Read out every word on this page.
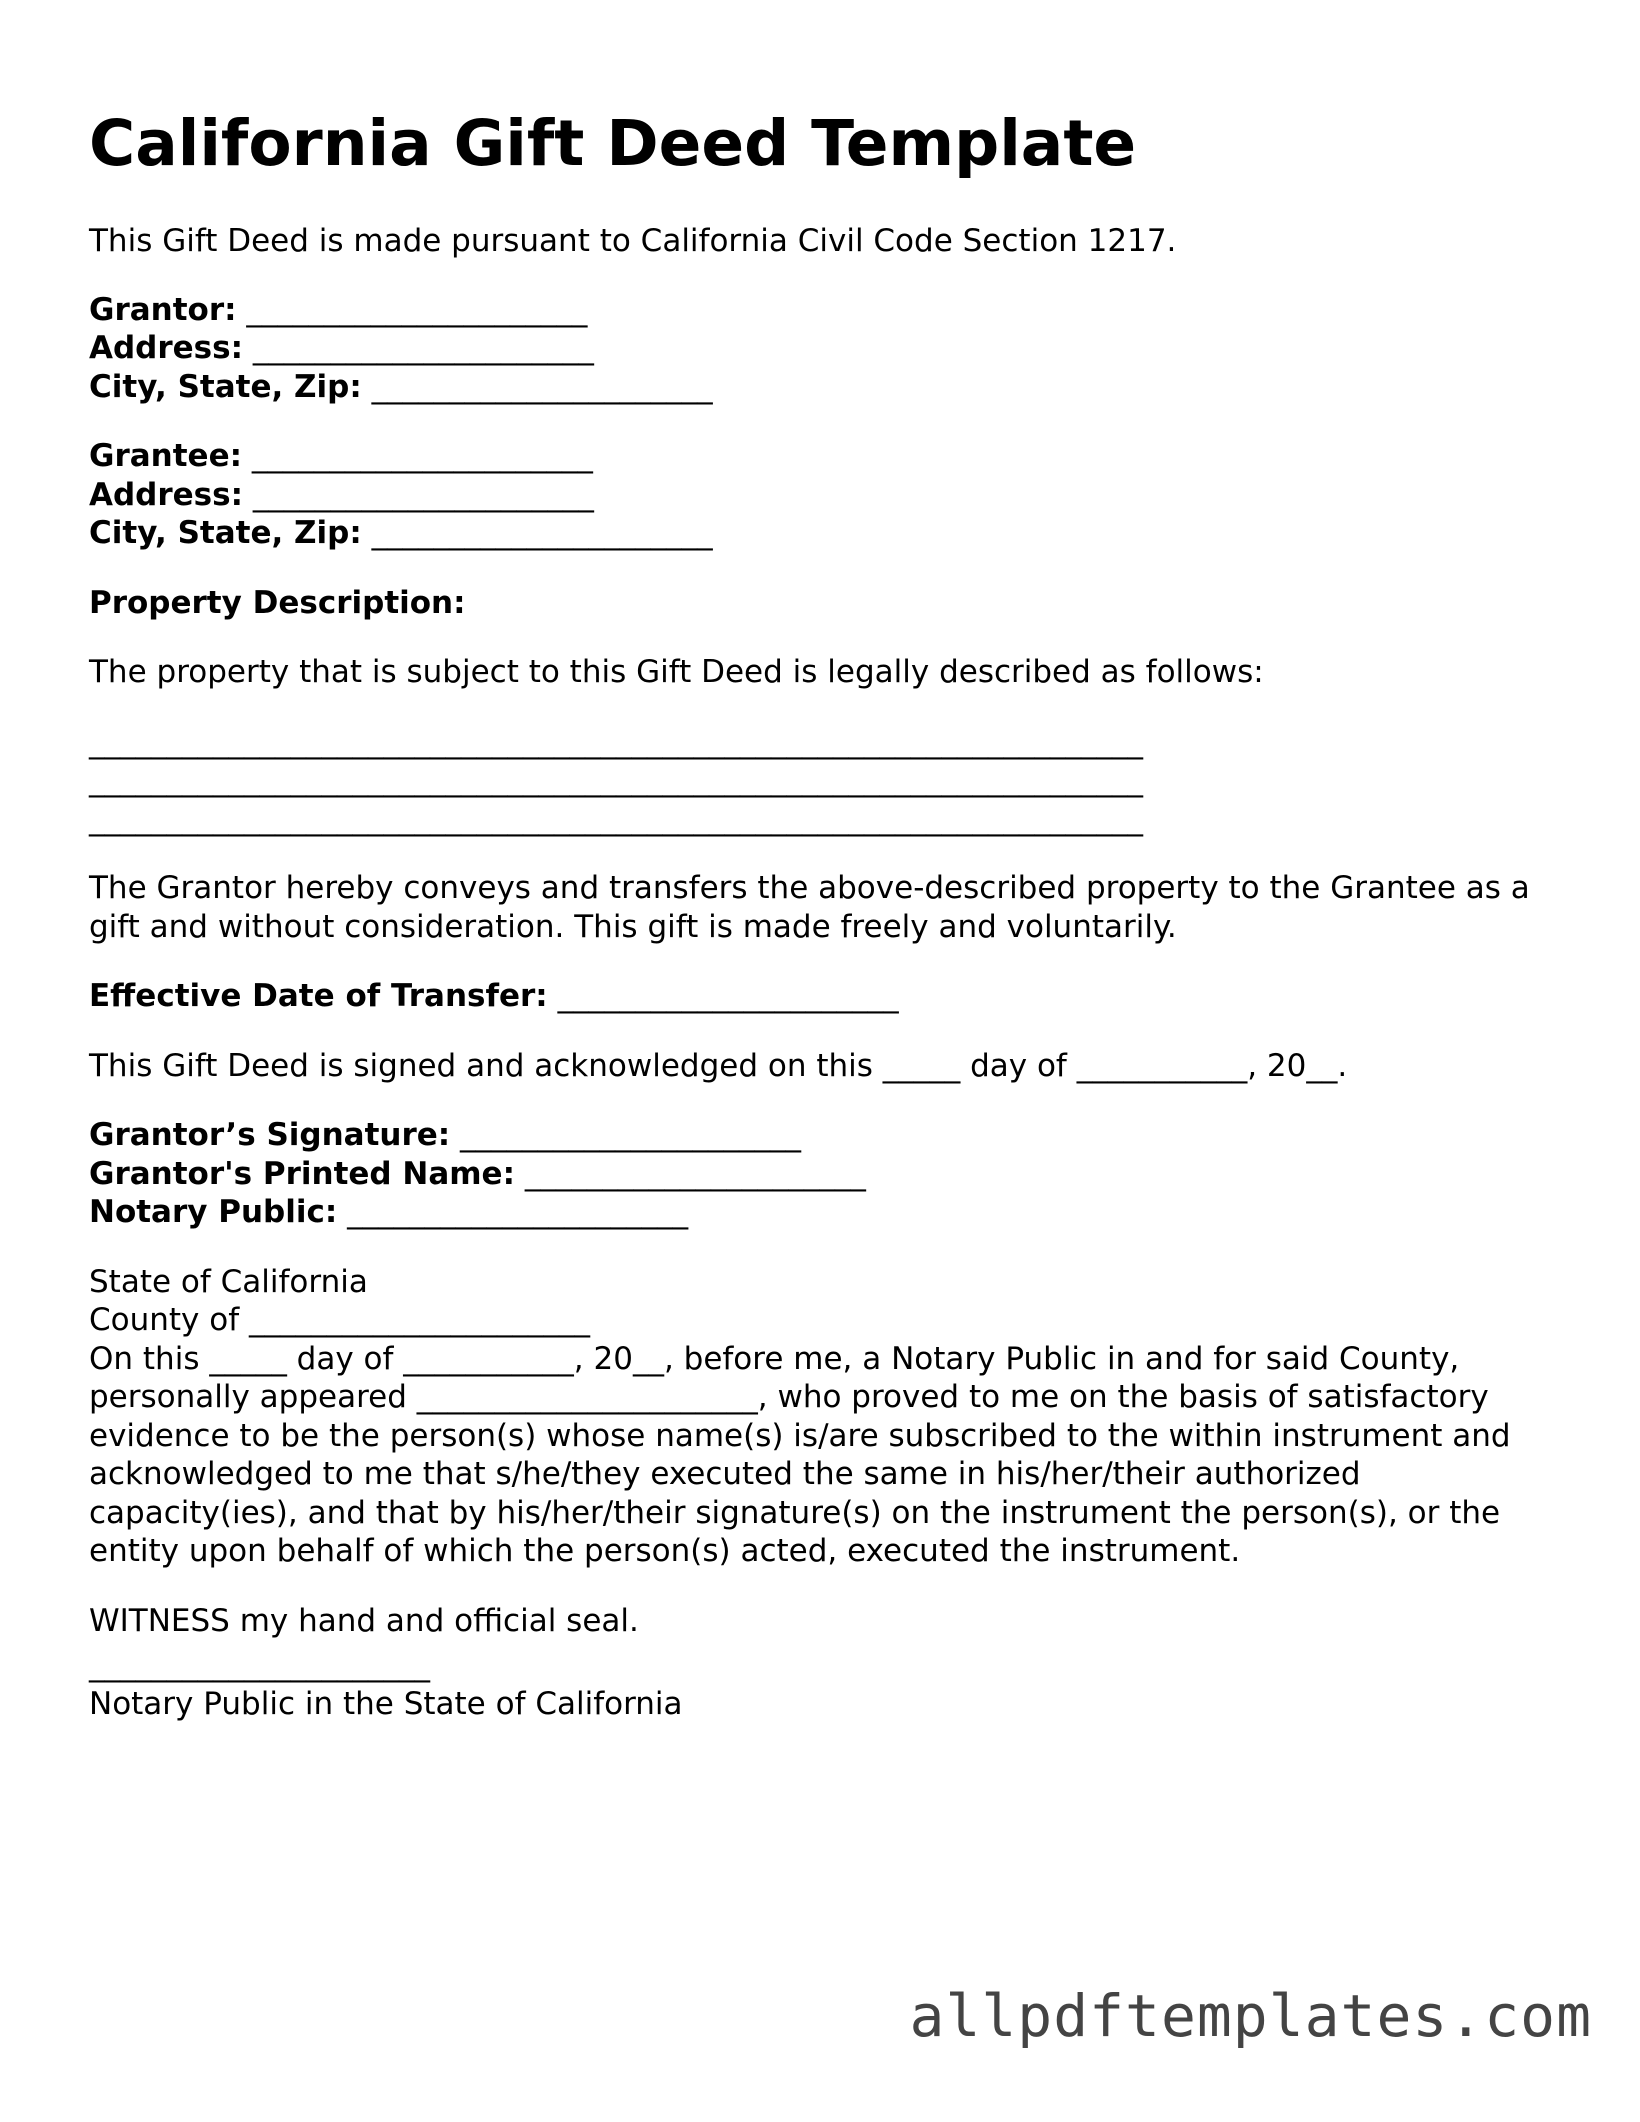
California Gift Deed Template
This Gift Deed is made pursuant to California Civil Code Section 1217.
Grantor: ______________________
Address: ______________________
City, State, Zip: ______________________
Grantee: ______________________
Address: ______________________
City, State, Zip: ______________________
Property Description:
The property that is subject to this Gift Deed is legally described as follows:
____________________________________________________________________
____________________________________________________________________
____________________________________________________________________
The Grantor hereby conveys and transfers the above-described property to the Grantee as a gift and without consideration. This gift is made freely and voluntarily.
Effective Date of Transfer: ______________________
This Gift Deed is signed and acknowledged on this _____ day of ___________, 20__.
Grantor’s Signature: ______________________
Grantor's Printed Name: ______________________
Notary Public: ______________________
State of California
County of ______________________
On this _____ day of ___________, 20__, before me, a Notary Public in and for said County, personally appeared ______________________, who proved to me on the basis of satisfactory evidence to be the person(s) whose name(s) is/are subscribed to the within instrument and acknowledged to me that s/he/they executed the same in his/her/their authorized capacity(ies), and that by his/her/their signature(s) on the instrument the person(s), or the entity upon behalf of which the person(s) acted, executed the instrument.
WITNESS my hand and official seal.
______________________
Notary Public in the State of California
allpdftemplates.com
